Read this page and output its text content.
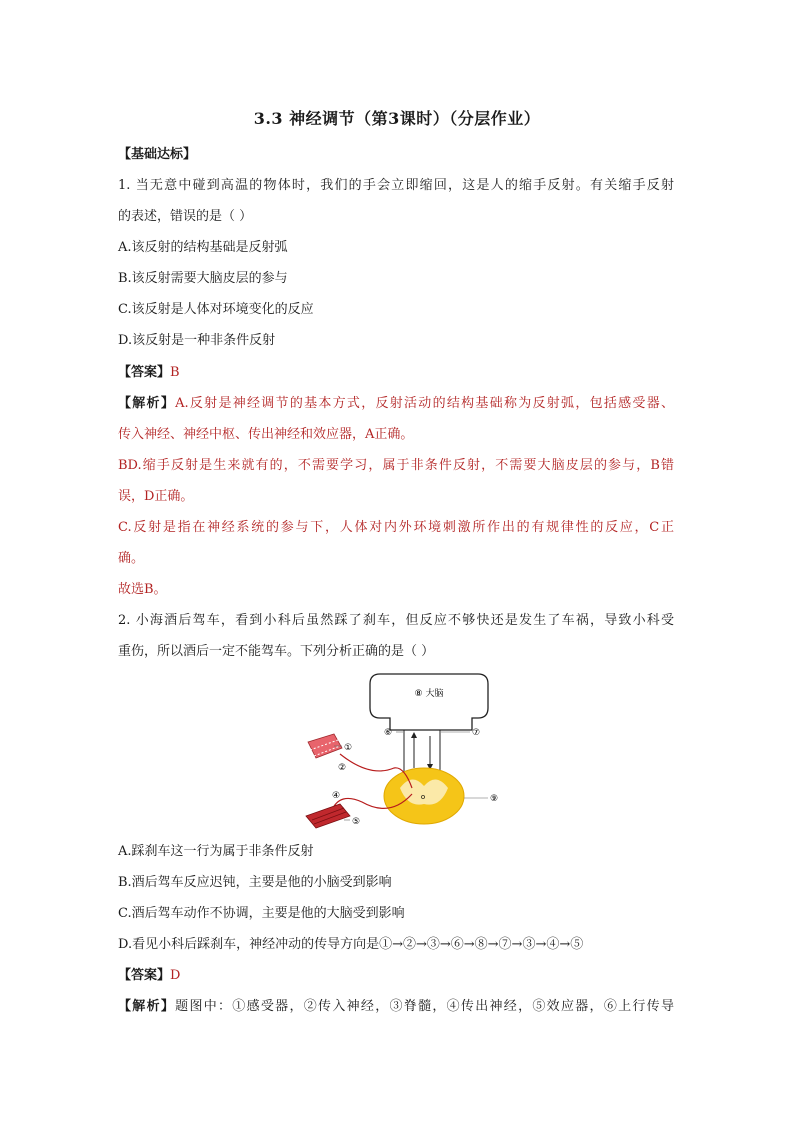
3.3 神经调节（第3课时）（分层作业）
【基础达标】
1. 当无意中碰到高温的物体时，我们的手会立即缩回，这是人的缩手反射。有关缩手反射
的表述，错误的是（ ）
A.该反射的结构基础是反射弧
B.该反射需要大脑皮层的参与
C.该反射是人体对环境变化的反应
D.该反射是一种非条件反射
【答案】B
【解析】A.反射是神经调节的基本方式，反射活动的结构基础称为反射弧，包括感受器、
传入神经、神经中枢、传出神经和效应器，A正确。
BD.缩手反射是生来就有的，不需要学习，属于非条件反射，不需要大脑皮层的参与，B错
误，D正确。
C.反射是指在神经系统的参与下，人体对内外环境刺激所作出的有规律性的反应，C正
确。
故选B。
2. 小海酒后驾车，看到小科后虽然踩了刹车，但反应不够快还是发生了车祸，导致小科受
重伤，所以酒后一定不能驾车。下列分析正确的是（ ）
⑧ 大脑
o
①
②
④
⑤
⑥	⑦
⑨
A.踩刹车这一行为属于非条件反射
B.酒后驾车反应迟钝，主要是他的小脑受到影响
C.酒后驾车动作不协调，主要是他的大脑受到影响
D.看见小科后踩刹车，神经冲动的传导方向是①→②→③→⑥→⑧→⑦→③→④→⑤
【答案】D
【解析】题图中：①感受器，②传入神经，③脊髓，④传出神经，⑤效应器，⑥上行传导
